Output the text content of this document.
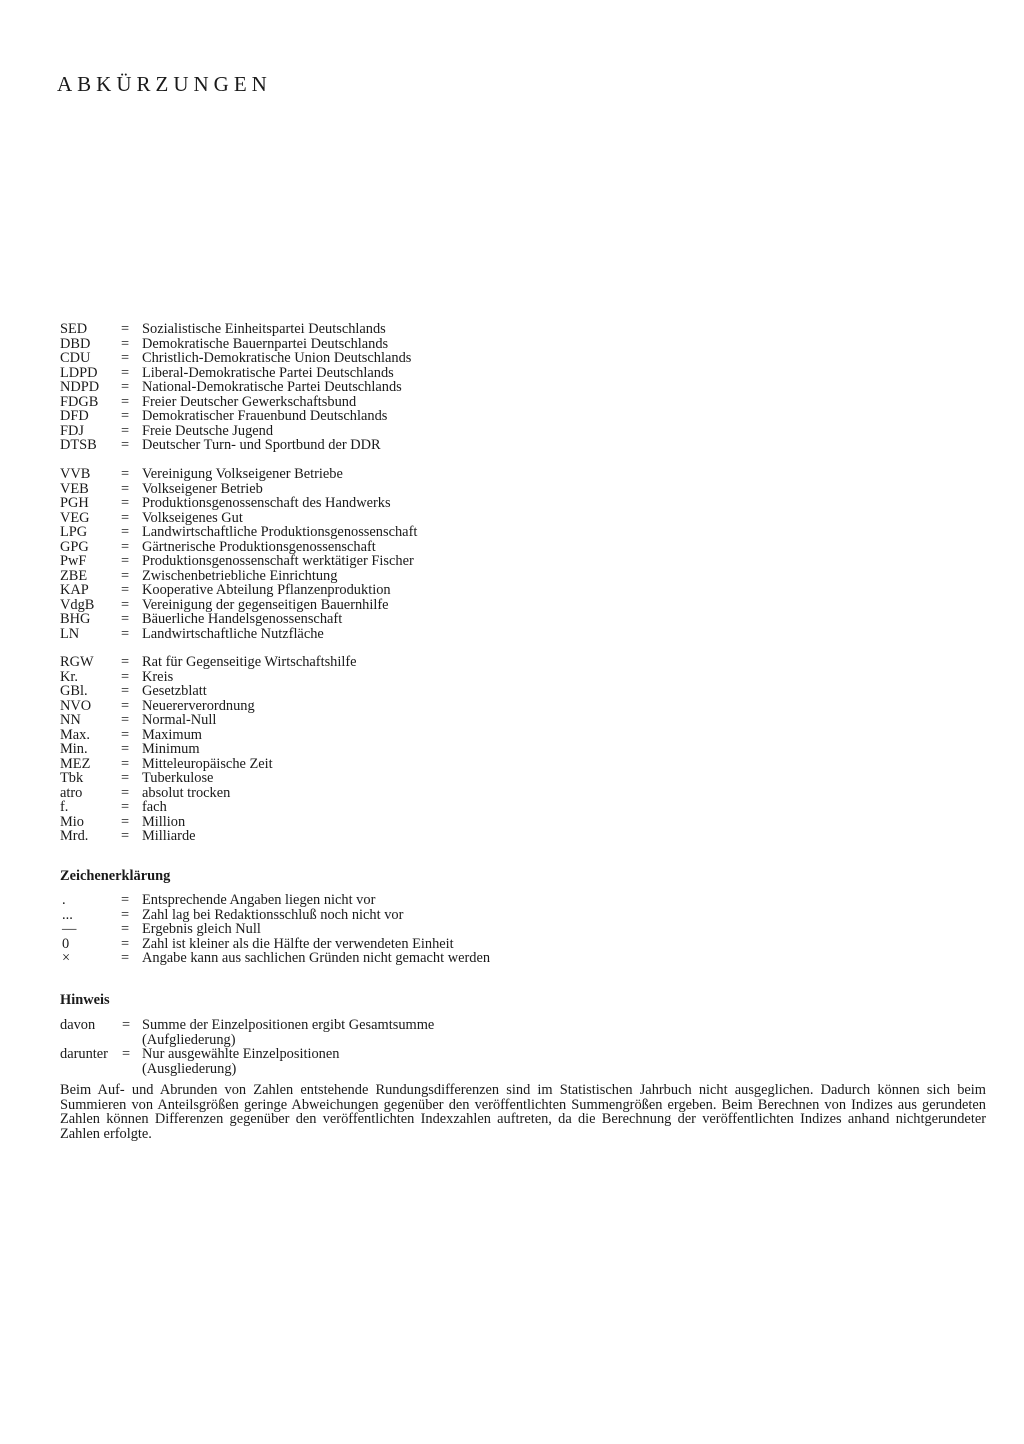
ABKÜRZUNGEN
SED	= Sozialistische Einheitspartei Deutschlands
DBD	= Demokratische Bauernpartei Deutschlands
CDU	= Christlich-Demokratische Union Deutschlands
LDPD	= Liberal-Demokratische Partei Deutschlands
NDPD	= National-Demokratische Partei Deutschlands
FDGB	= Freier Deutscher Gewerkschaftsbund
DFD	= Demokratischer Frauenbund Deutschlands
FDJ	= Freie Deutsche Jugend
DTSB	= Deutscher Turn- und Sportbund der DDR
VVB	= Vereinigung Volkseigener Betriebe
VEB	= Volkseigener Betrieb
PGH	= Produktionsgenossenschaft des Handwerks
VEG	= Volkseigenes Gut
LPG	= Landwirtschaftliche Produktionsgenossenschaft
GPG	= Gärtnerische Produktionsgenossenschaft
PwF	= Produktionsgenossenschaft werktätiger Fischer
ZBE	= Zwischenbetriebliche Einrichtung
KAP	= Kooperative Abteilung Pflanzenproduktion
VdgB	= Vereinigung der gegenseitigen Bauernhilfe
BHG	= Bäuerliche Handelsgenossenschaft
LN	= Landwirtschaftliche Nutzfläche
RGW	= Rat für Gegenseitige Wirtschaftshilfe
Kr.	= Kreis
GBl.	= Gesetzblatt
NVO	= Neuererverordnung
NN	= Normal-Null
Max.	= Maximum
Min.	= Minimum
MEZ	= Mitteleuropäische Zeit
Tbk	= Tuberkulose
atro	= absolut trocken
f.	= fach
Mio	= Million
Mrd.	= Milliarde
Zeichenerklärung
.	= Entsprechende Angaben liegen nicht vor
...	= Zahl lag bei Redaktionsschluß noch nicht vor
—	= Ergebnis gleich Null
0	= Zahl ist kleiner als die Hälfte der verwendeten Einheit
×	= Angabe kann aus sachlichen Gründen nicht gemacht werden
Hinweis
davon	= Summe der Einzelpositionen ergibt Gesamtsumme
(Aufgliederung)
darunter = Nur ausgewählte Einzelpositionen
(Ausgliederung)

Beim Auf- und Abrunden von Zahlen entstehende Rundungsdifferenzen sind im Statistischen Jahrbuch nicht ausgeglichen. Dadurch können sich beim Summieren von Anteilsgrößen geringe Abweichungen gegenüber den veröffentlichten Summengrößen ergeben. Beim Berechnen von Indizes aus gerundeten Zahlen können Differenzen gegenüber den veröffentlichten Indexzahlen auftreten, da die Berechnung der veröffentlichten Indizes anhand nichtgerundeter Zahlen erfolgte.
